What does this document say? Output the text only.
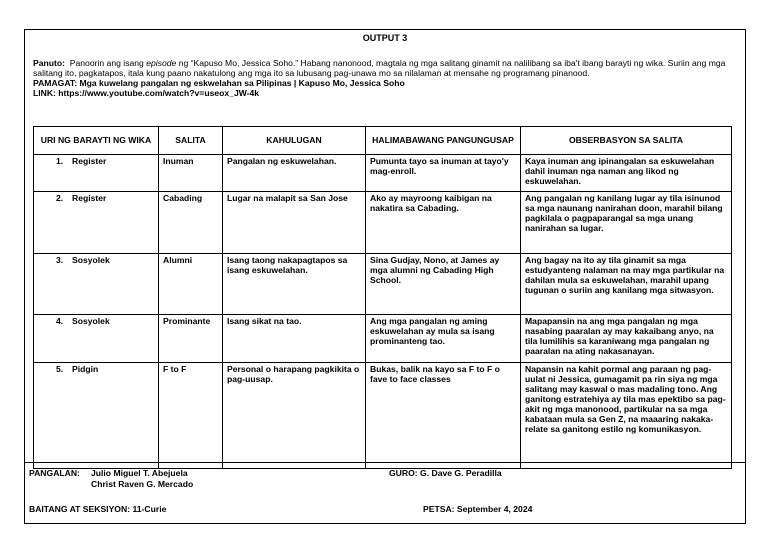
OUTPUT 3

Panuto: Panoorin ang isang episode ng “Kapuso Mo, Jessica Soho.” Habang nanonood, magtala ng mga salitang ginamit na nalilibang sa iba't ibang barayti ng wika. Suriin ang mga salitang ito, pagkatapos, itala kung paano nakatulong ang mga ito sa lubusang pag-unawa mo sa nilalaman at mensahe ng programang pinanood.

PAMAGAT: Mga kuwelang pangalan ng eskwelahan sa Pilipinas | Kapuso Mo, Jessica Soho

LINK: https://www.youtube.com/watch?v=useox_JW-4k

URI NG BARAYTI NG WIKA	SALITA	KAHULUGAN	HALIMABAWANG PANGUNGUSAP	OBSERBASYON SA SALITA
1. Register	Inuman	Pangalan ng eskuwelahan.	Pumunta tayo sa inuman at tayo'y mag-enroll.	Kaya inuman ang ipinangalan sa eskuwelahan dahil inuman nga naman ang likod ng eskuwelahan.
2. Register	Cabading	Lugar na malapit sa San Jose	Ako ay mayroong kaibigan na nakatira sa Cabading.	Ang pangalan ng kanilang lugar ay tila isinunod sa mga naunang nanirahan doon, marahil bilang pagkilala o pagpaparangal sa mga unang nanirahan sa lugar.
3. Sosyolek	Alumni	Isang taong nakapagtapos sa isang eskuwelahan.	Sina Gudjay, Nono, at James ay mga alumni ng Cabading High School.	Ang bagay na ito ay tila ginamit sa mga estudyanteng nalaman na may mga partikular na dahilan mula sa eskuwelahan, marahil upang tugunan o suriin ang kanilang mga sitwasyon.
4. Sosyolek	Prominante	Isang sikat na tao.	Ang mga pangalan ng aming eskuwelahan ay mula sa isang prominanteng tao.	Mapapansin na ang mga pangalan ng mga nasabing paaralan ay may kakaibang anyo, na tila lumilihis sa karaniwang mga pangalan ng paaralan na ating nakasanayan.
5. Pidgin	F to F	Personal o harapang pagkikita o pag-uusap.	Bukas, balik na kayo sa F to F o fave to face classes	Napansin na kahit pormal ang paraan ng pag-uulat ni Jessica, gumagamit pa rin siya ng mga salitang may kaswal o mas madaling tono. Ang ganitong estratehiya ay tila mas epektibo sa pag-akit ng mga manonood, partikular na sa mga kabataan mula sa Gen Z, na maaaring nakaka-relate sa ganitong estilo ng komunikasyon.
PANGALAN: Julio Miguel T. Abejuela
Christ Raven G. Mercado
GURO: G. Dave G. Peradilla
BAITANG AT SEKSIYON: 11-Curie	PETSA: September 4, 2024
